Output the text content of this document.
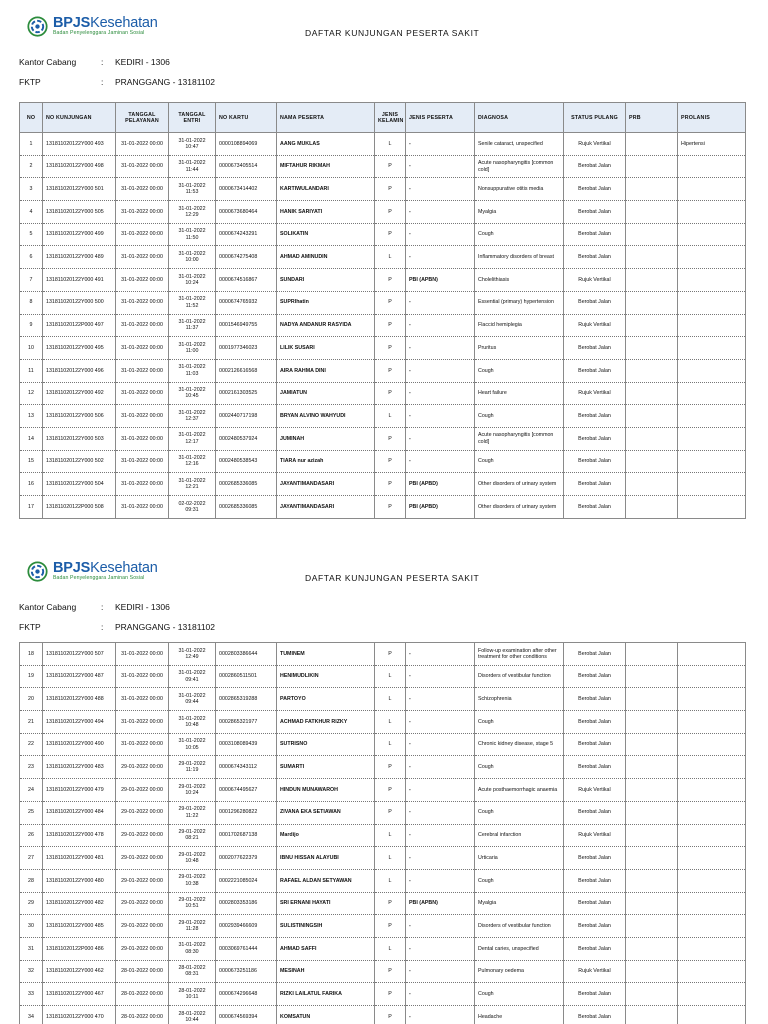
BPJSKesehatan
Badan Penyelenggara Jaminan Sosial	DAFTAR KUNJUNGAN PESERTA SAKIT
Kantor Cabang	: KEDIRI - 1306
FKTP	: PRANGGANG - 13181102
NO	NO KUNJUNGAN	TANGGAL PELAYANAN	TANGGAL ENTRI	NO KARTU	NAMA PESERTA	JENIS KELAMIN	JENIS PESERTA	DIAGNOSA	STATUS PULANG	PRB	PROLANIS
1	131811020122Y000 493	31-01-2022 00:00	31-01-2022 10:47	0000108894069	AANG MUKLAS	L	-	Senile cataract, unspecified	Rujuk Vertikal		Hipertensi
2	131811020122Y000 498	31-01-2022 00:00	31-01-2022 11:44	0000673405514	MIFTAHUR RIKMAH	P	-	Acute nasopharyngitis [common cold]	Berobat Jalan		
3	131811020122Y000 501	31-01-2022 00:00	31-01-2022 11:53	0000673414402	KARTIWULANDARI	P	-	Nonsuppurative otitis media	Berobat Jalan		
4	131811020122Y000 505	31-01-2022 00:00	31-01-2022 12:29	0000673680464	HANIK SARIYATI	P	-	Myalgia	Berobat Jalan		
5	131811020122Y000 499	31-01-2022 00:00	31-01-2022 11:50	0000674243291	SOLIKATIN	P	-	Cough	Berobat Jalan		
6	131811020122Y000 489	31-01-2022 00:00	31-01-2022 10:00	0000674275408	AHMAD AMINUDIN	L	-	Inflammatory disorders of breast	Berobat Jalan		
7	131811020122Y000 491	31-01-2022 00:00	31-01-2022 10:24	0000674516867	SUNDARI	P	PBI (APBN)	Cholelithiasis	Rujuk Vertikal		
8	131811020122Y000 500	31-01-2022 00:00	31-01-2022 11:52	0000674765932	SUPRIhatin	P	-	Essential (primary) hypertension	Berobat Jalan		
9	131811020122P000 497	31-01-2022 00:00	31-01-2022 11:37	0001546949755	NADYA ANDANUR RASYIDA	P	-	Flaccid hemiplegia	Rujuk Vertikal		
10	131811020122Y000 495	31-01-2022 00:00	31-01-2022 11:00	0001977346023	LILIK SUSARI	P	-	Pruritus	Berobat Jalan		
11	131811020122Y000 496	31-01-2022 00:00	31-01-2022 11:03	0002126616568	AIRA RAHMA DINI	P	-	Cough	Berobat Jalan		
12	131811020122Y000 492	31-01-2022 00:00	31-01-2022 10:45	0002161303525	JAMIATUN	P	-	Heart failure	Rujuk Vertikal		
13	131811020122Y000 506	31-01-2022 00:00	31-01-2022 12:37	0002440717198	BRYAN ALVINO WAHYUDI	L	-	Cough	Berobat Jalan		
14	131811020122Y000 503	31-01-2022 00:00	31-01-2022 12:17	0002480537924	JUMINAH	P	-	Acute nasopharyngitis [common cold]	Berobat Jalan		
15	131811020122Y000 502	31-01-2022 00:00	31-01-2022 12:16	0002480538543	TIARA nur azizah	P	-	Cough	Berobat Jalan		
16	131811020122Y000 504	31-01-2022 00:00	31-01-2022 12:21	0002685336085	JAYANTIMANDASARI	P	PBI (APBD)	Other disorders of urinary system	Berobat Jalan		
17	131811020122P000 508	31-01-2022 00:00	02-02-2022 09:31	0002685336085	JAYANTIMANDASARI	P	PBI (APBD)	Other disorders of urinary system	Berobat Jalan		
BPJSKesehatan
Badan Penyelenggara Jaminan Sosial	DAFTAR KUNJUNGAN PESERTA SAKIT
Kantor Cabang	: KEDIRI - 1306
FKTP	: PRANGGANG - 13181102
18	131811020122Y000 507	31-01-2022 00:00	31-01-2022 12:49	0002803386644	TUMINEM	P	-	Follow-up examination after other treatment for other conditions	Berobat Jalan		
19	131811020122Y000 487	31-01-2022 00:00	31-01-2022 09:41	0002860511501	HENIMUDLIKIN	L	-	Disorders of vestibular function	Berobat Jalan		
20	131811020122Y000 488	31-01-2022 00:00	31-01-2022 09:44	0002865319288	PARTOYO	L	-	Schizophrenia	Berobat Jalan		
21	131811020122Y000 494	31-01-2022 00:00	31-01-2022 10:48	0002865321977	ACHMAD FATKHUR RIZKY	L	-	Cough	Berobat Jalan		
22	131811020122Y000 490	31-01-2022 00:00	31-01-2022 10:05	0003108089439	SUTRISNO	L	-	Chronic kidney disease, stage 5	Berobat Jalan		
23	131811020122Y000 483	29-01-2022 00:00	29-01-2022 11:19	0000674343112	SUMARTI	P	-	Cough	Berobat Jalan		
24	131811020122Y000 479	29-01-2022 00:00	29-01-2022 10:24	0000674495627	HINDUN MUNAWAROH	P	-	Acute posthaemorrhagic anaemia	Rujuk Vertikal		
25	131811020122Y000 484	29-01-2022 00:00	29-01-2022 11:22	0001296280822	ZIVANA EKA SETIAWAN	P	-	Cough	Berobat Jalan		
26	131811020122Y000 478	29-01-2022 00:00	29-01-2022 08:21	0001702687138	Mardijo	L	-	Cerebral infarction	Rujuk Vertikal		
27	131811020122Y000 481	29-01-2022 00:00	29-01-2022 10:48	0002077622379	IBNU HISSAN ALAYUBI	L	-	Urticaria	Berobat Jalan		
28	131811020122Y000 480	29-01-2022 00:00	29-01-2022 10:38	0002221085024	RAFAEL ALDAN SETYAWAN	L	-	Cough	Berobat Jalan		
29	131811020122Y000 482	29-01-2022 00:00	29-01-2022 10:51	0002803353186	SRI ERNANI HAYATI	P	PBI (APBN)	Myalgia	Berobat Jalan		
30	131811020122Y000 485	29-01-2022 00:00	29-01-2022 11:28	0002939466609	SULISTININGSIH	P	-	Disorders of vestibular function	Berobat Jalan		
31	131811020122P000 486	29-01-2022 00:00	31-01-2022 08:30	0003069761444	AHMAD SAFFI	L	-	Dental caries, unspecified	Berobat Jalan		
32	131811020122Y000 462	28-01-2022 00:00	28-01-2022 08:31	0000673251186	MESINAH	P	-	Pulmonary oedema	Rujuk Vertikal		
33	131811020122Y000 467	28-01-2022 00:00	28-01-2022 10:11	0000674296648	RIZKI LAILATUL FARIKA	P	-	Cough	Berobat Jalan		
34	131811020122Y000 470	28-01-2022 00:00	28-01-2022 10:44	0000674569394	KOMSATUN	P	-	Headache	Berobat Jalan		
